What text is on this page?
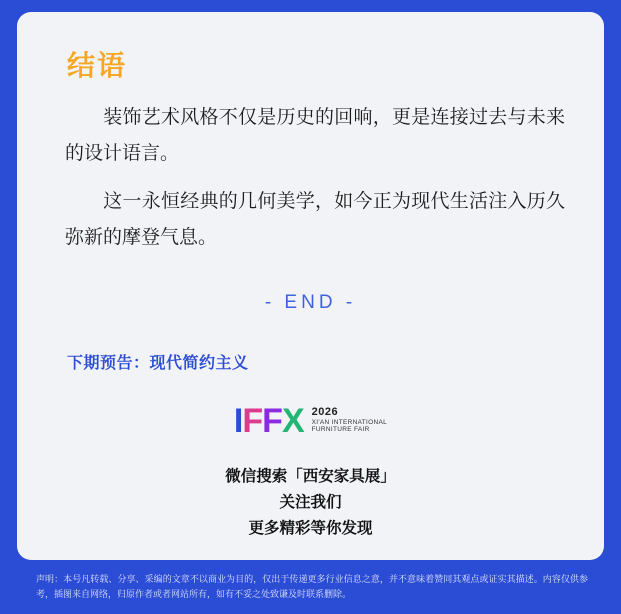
结语
装饰艺术风格不仅是历史的回响，更是连接过去与未来的设计语言。
这一永恒经典的几何美学，如今正为现代生活注入历久弥新的摩登气息。
- END -
下期预告：现代简约主义
I F F X 2026
XI'AN INTERNATIONAL
FURNITURE FAIR
微信搜索「西安家具展」
关注我们
更多精彩等你发现
声明：本号凡转载、分享、采编的文章不以商业为目的，仅出于传递更多行业信息之意，并不意味着赞同其观点或证实其描述。内容仅供参考，插图来自网络，归原作者或者网站所有，如有不妥之处致谦及时联系删除。
